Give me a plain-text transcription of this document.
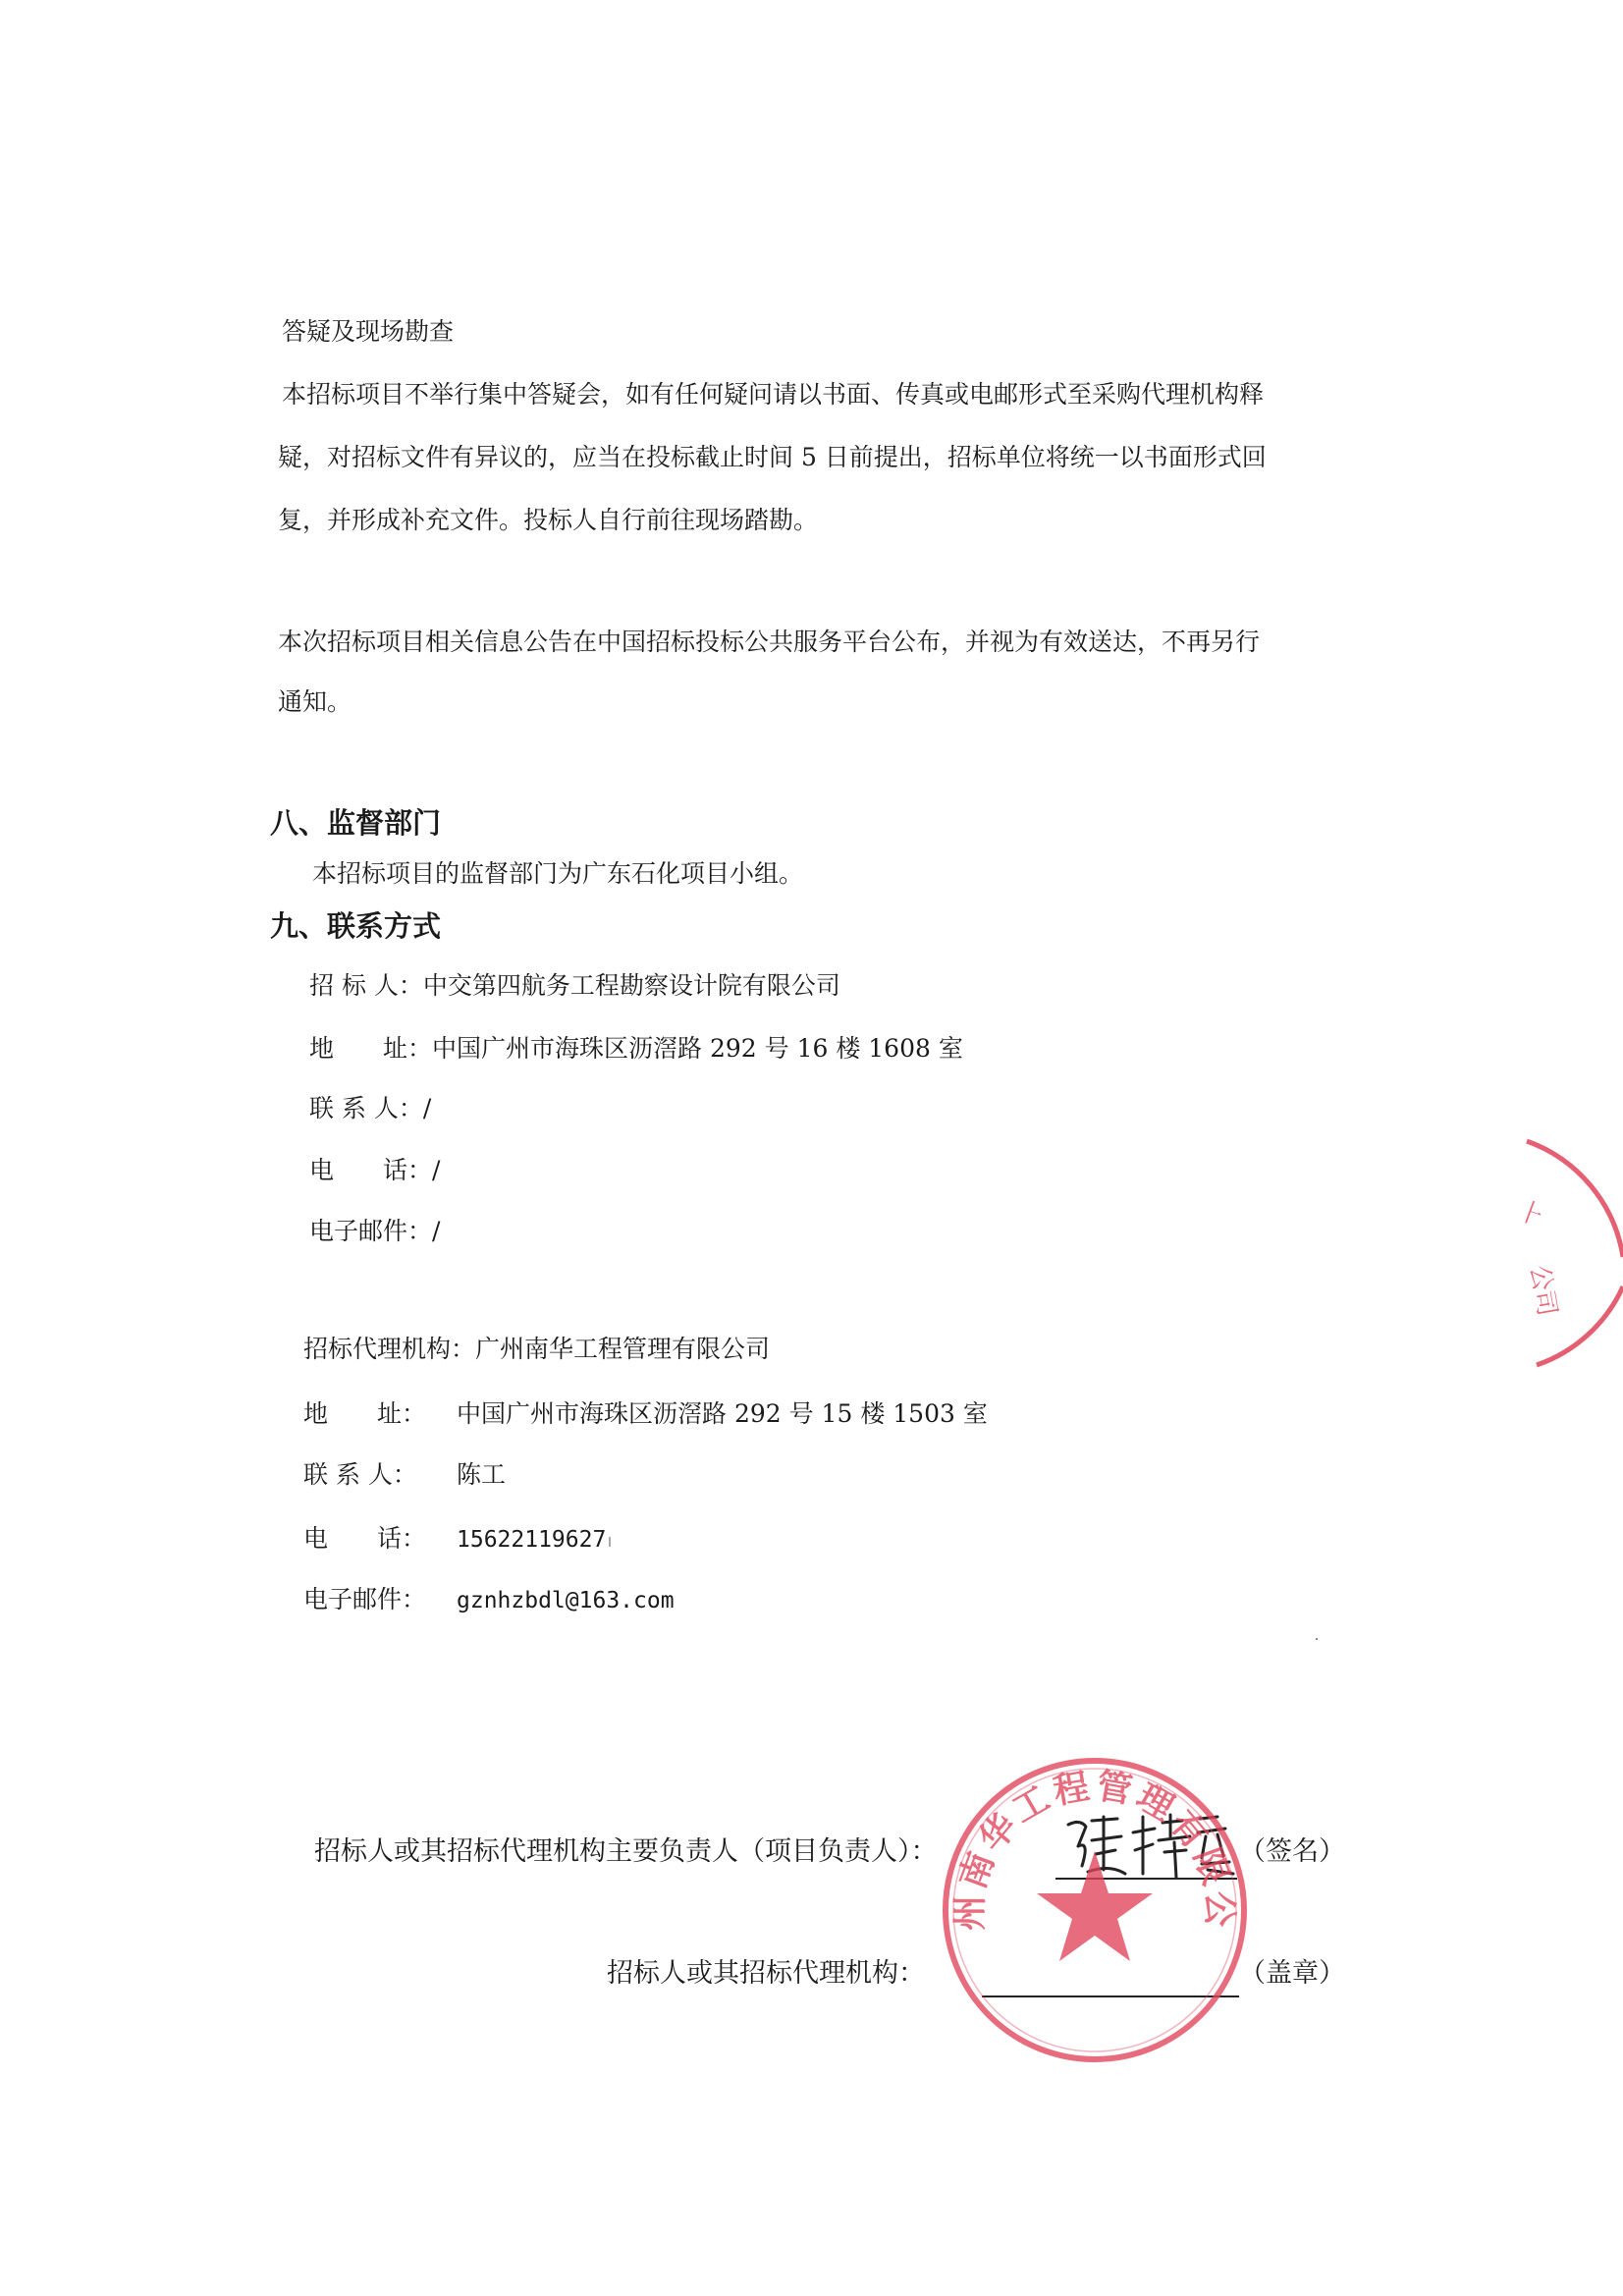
答疑及现场勘查
本招标项目不举行集中答疑会，如有任何疑问请以书面、传真或电邮形式至采购代理机构释
疑，对招标文件有异议的，应当在投标截止时间 5 日前提出，招标单位将统一以书面形式回
复，并形成补充文件。投标人自行前往现场踏勘。
本次招标项目相关信息公告在中国招标投标公共服务平台公布，并视为有效送达，不再另行
通知。
八、监督部门
本招标项目的监督部门为广东石化项目小组。
九、联系方式
招 标 人：中交第四航务工程勘察设计院有限公司
地　　址：中国广州市海珠区沥滘路 292 号 16 楼 1608 室
联 系 人：/
电　　话：/
电子邮件：/
招标代理机构：广州南华工程管理有限公司
地　　址： 中国广州市海珠区沥滘路 292 号 15 楼 1503 室
联 系 人： 陈工
电　　话： 15622119627
电子邮件： gznhzbdl@163.com
招标人或其招标代理机构主要负责人（项目负责人）：	（签名）
招标人或其招标代理机构：	（盖章）
⺊
公司
广州南华工程管理有限公司
